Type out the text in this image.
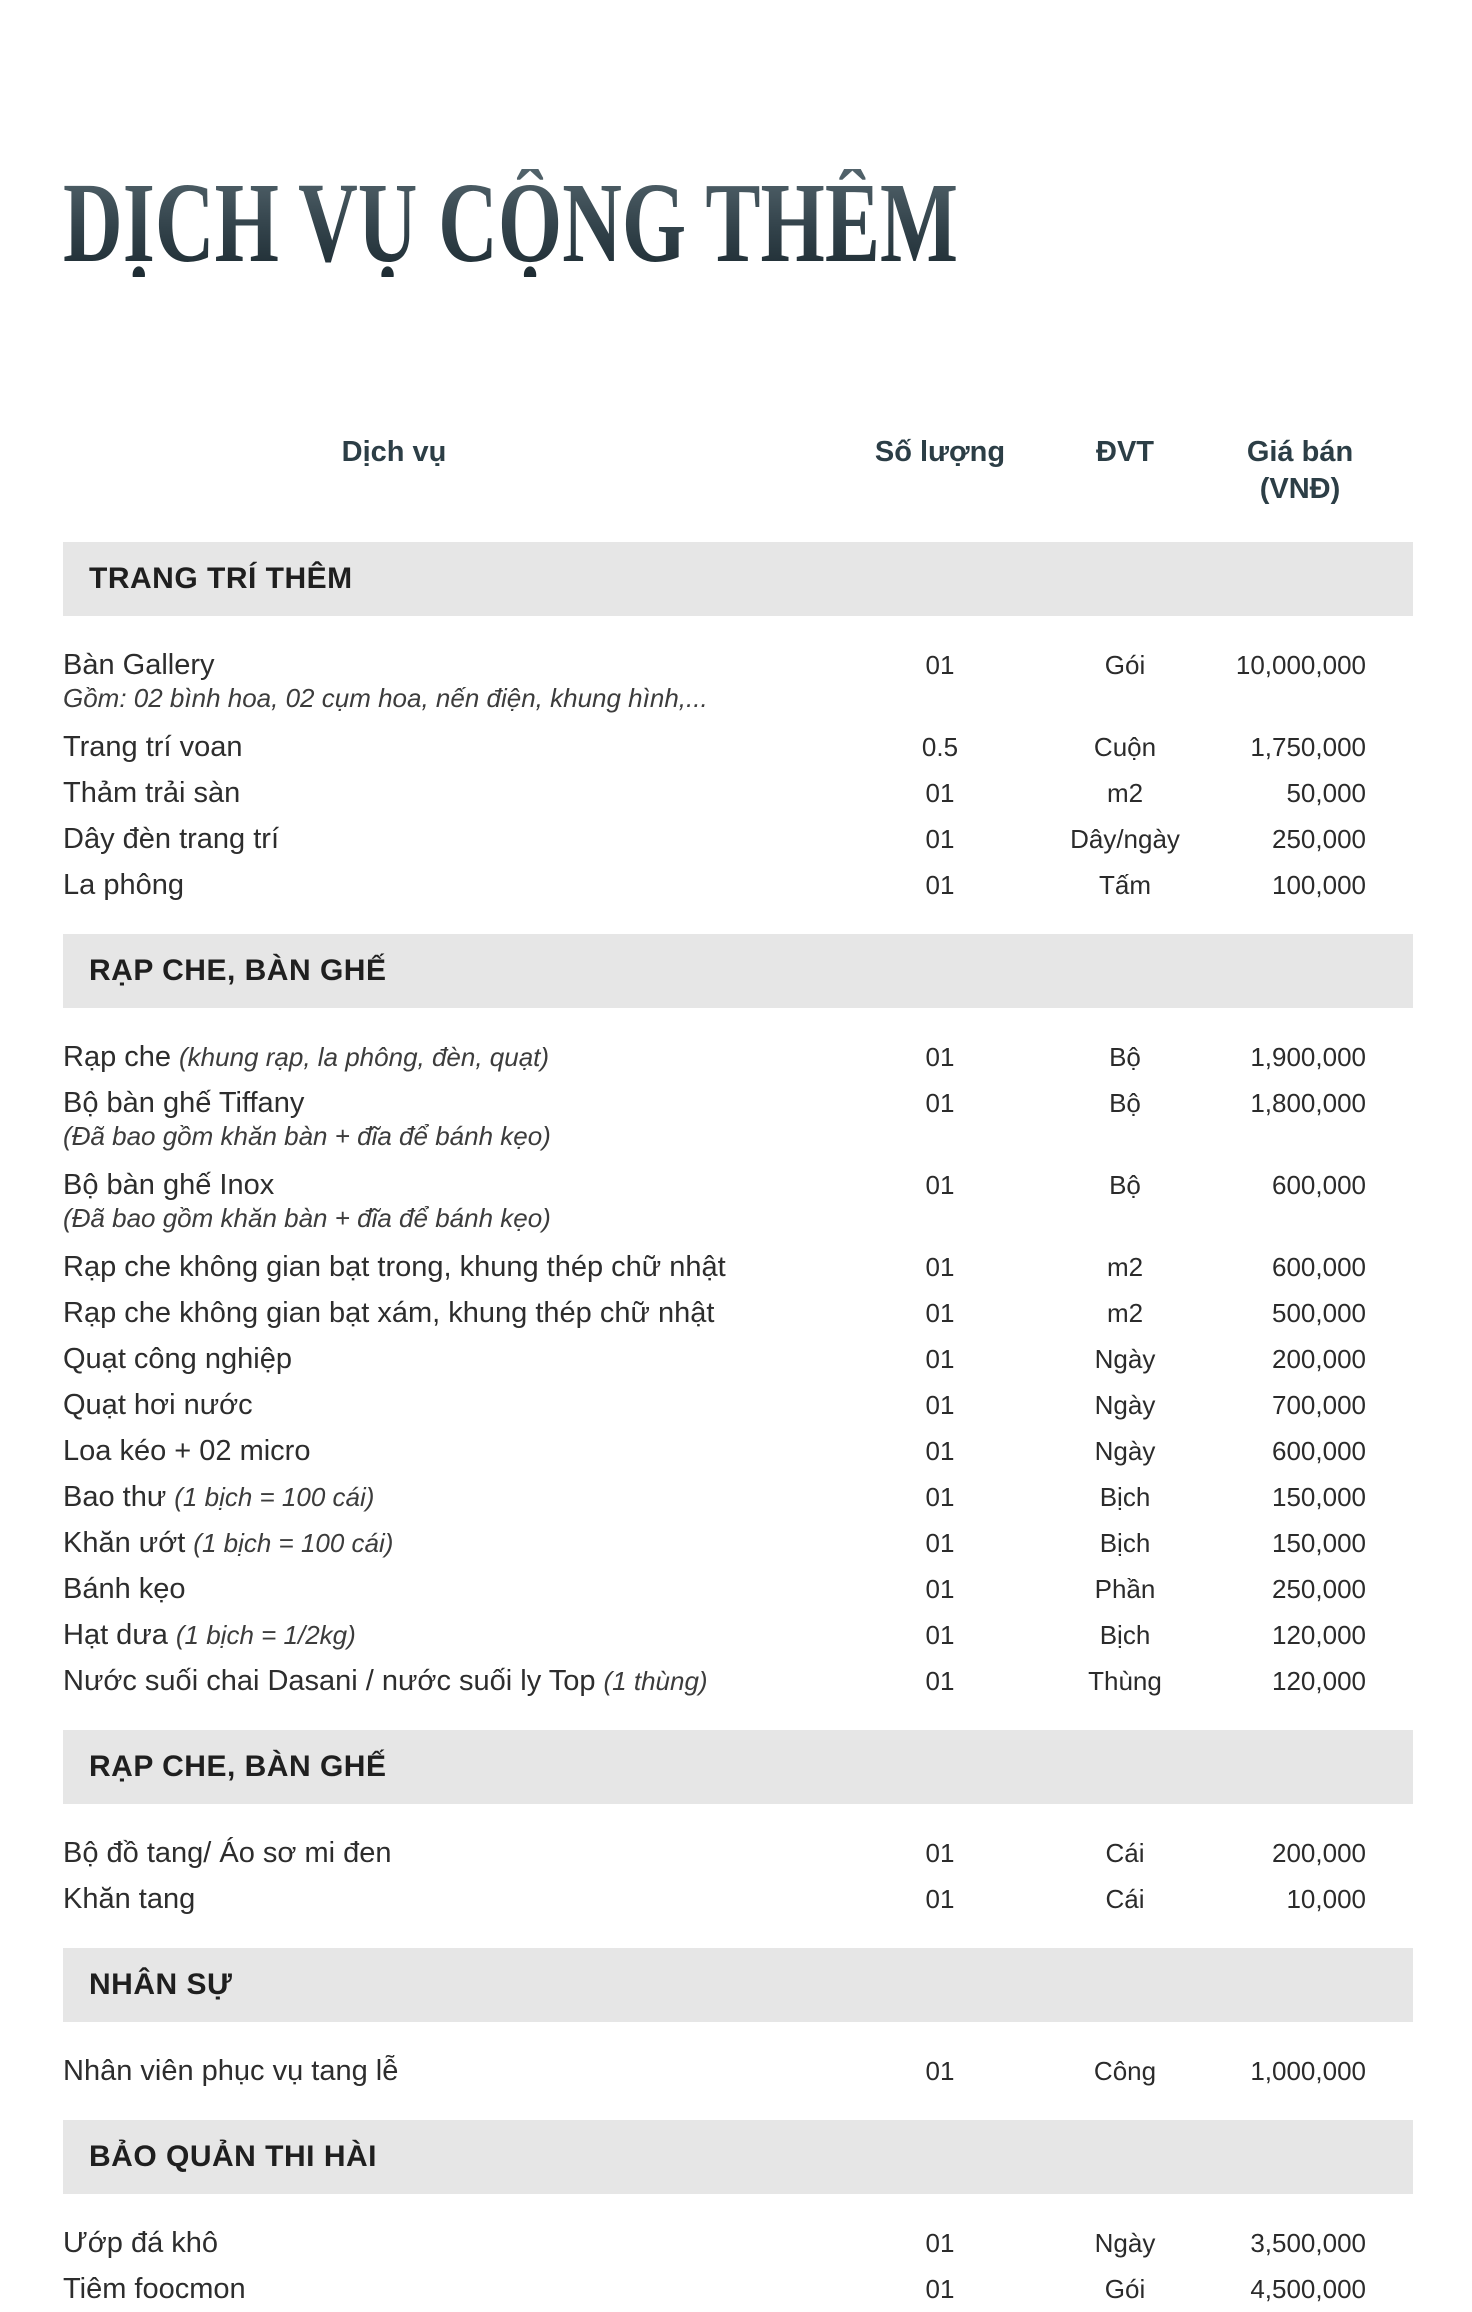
DỊCH VỤ CỘNG THÊM
Dịch vụ	Số lượng	ĐVT	Giá bán
(VNĐ)
TRANG TRÍ THÊM
Bàn Gallery
Gồm: 02 bình hoa, 02 cụm hoa, nến điện, khung hình,...
01	Gói	10,000,000
Trang trí voan	0.5	Cuộn	1,750,000
Thảm trải sàn	01	m2	50,000
Dây đèn trang trí	01	Dây/ngày	250,000
La phông	01	Tấm	100,000
RẠP CHE, BÀN GHẾ
Rạp che (khung rạp, la phông, đèn, quạt)	01	Bộ	1,900,000
Bộ bàn ghế Tiffany
(Đã bao gồm khăn bàn + đĩa để bánh kẹo)
01	Bộ	1,800,000
Bộ bàn ghế Inox
(Đã bao gồm khăn bàn + đĩa để bánh kẹo)
01	Bộ	600,000
Rạp che không gian bạt trong, khung thép chữ nhật	01	m2	600,000
Rạp che không gian bạt xám, khung thép chữ nhật	01	m2	500,000
Quạt công nghiệp	01	Ngày	200,000
Quạt hơi nước	01	Ngày	700,000
Loa kéo + 02 micro	01	Ngày	600,000
Bao thư (1 bịch = 100 cái)	01	Bịch	150,000
Khăn ướt (1 bịch = 100 cái)	01	Bịch	150,000
Bánh kẹo	01	Phần	250,000
Hạt dưa (1 bịch = 1/2kg)	01	Bịch	120,000
Nước suối chai Dasani / nước suối ly Top (1 thùng)	01	Thùng	120,000
RẠP CHE, BÀN GHẾ
Bộ đồ tang/ Áo sơ mi đen	01	Cái	200,000
Khăn tang	01	Cái	10,000
NHÂN SỰ
Nhân viên phục vụ tang lễ	01	Công	1,000,000
BẢO QUẢN THI HÀI
Ướp đá khô	01	Ngày	3,500,000
Tiêm foocmon	01	Gói	4,500,000
